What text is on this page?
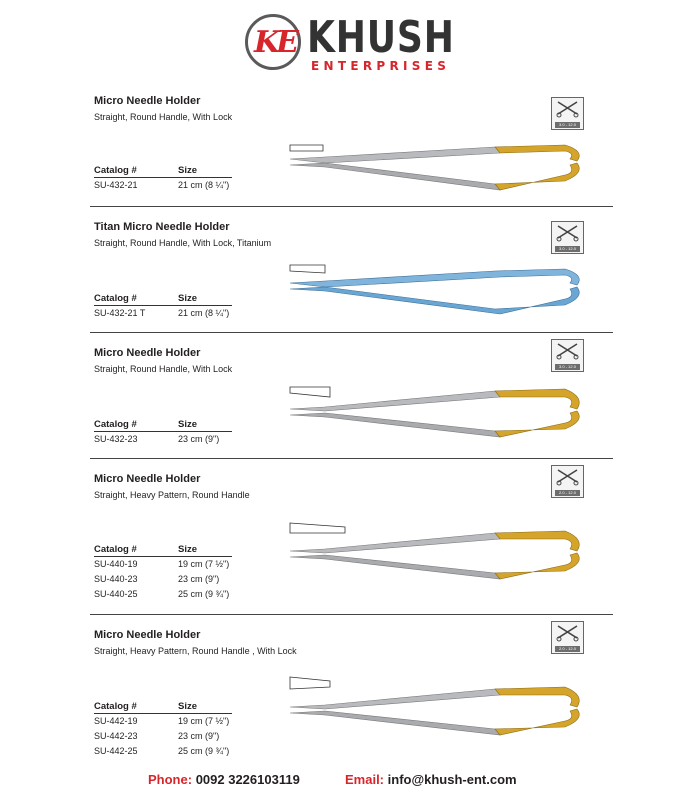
KE KHUSH
ENTERPRISES
Micro Needle Holder
Straight, Round Handle, With Lock
Catalog #	Size
SU-432-21	21 cm (8 ¼")
3.0 - 12.0
Titan Micro Needle Holder
Straight, Round Handle, With Lock, Titanium
Catalog #	Size
SU-432-21 T	21 cm (8 ¼")
3.0 - 12.0
Micro Needle Holder
Straight, Round Handle, With Lock
Catalog #	Size
SU-432-23	23 cm (9")
3.0 - 12.0
Micro Needle Holder
Straight, Heavy Pattern, Round Handle
Catalog #	Size
SU-440-19	19 cm (7 ½")
SU-440-23	23 cm (9")
SU-440-25	25 cm (9 ¾")
2.0 - 12.0
Micro Needle Holder
Straight, Heavy Pattern, Round Handle , With Lock
Catalog #	Size
SU-442-19	19 cm (7 ½")
SU-442-23	23 cm (9")
SU-442-25	25 cm (9 ¾")
2.0 - 12.0
Phone: 0092 3226103119	Email: info@khush-ent.com
